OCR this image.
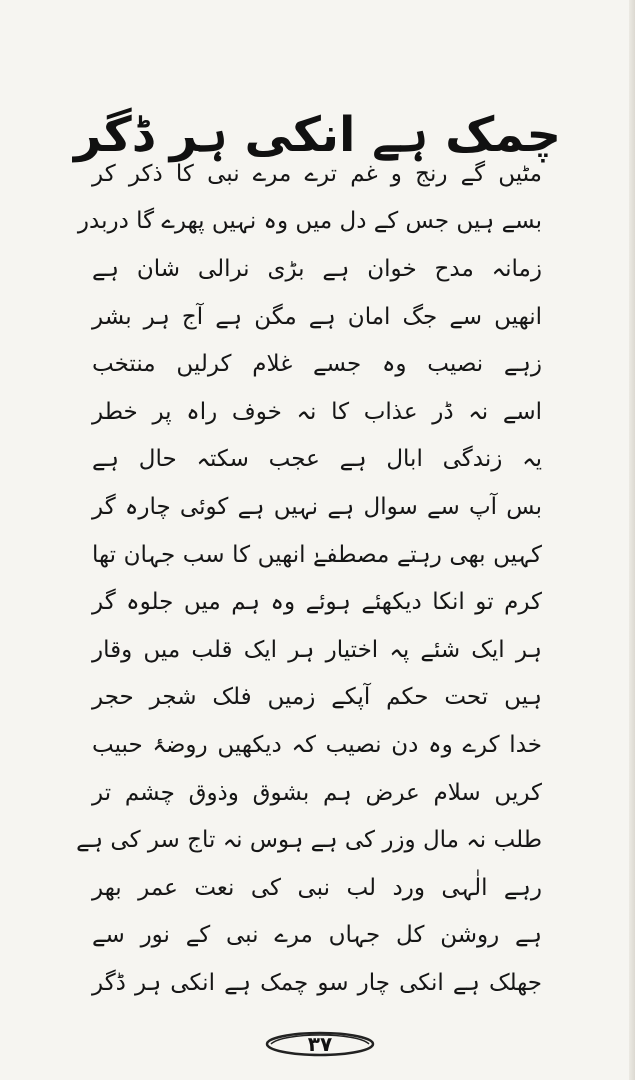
چمک ہے انکی ہر ڈگر
مٹیں گے رنج و غم ترے مرے نبی کا ذکر کر
بسے ہیں جس کے دل میں وہ نہیں پھرے گا دربدر
زمانہ مدح خوان ہے بڑی نرالی شان ہے
انھیں سے جگ امان ہے مگن ہے آج ہر بشر
زہے نصیب وہ جسے غلام کرلیں منتخب
اسے نہ ڈر عذاب کا نہ خوف راہ پر خطر
یہ زندگی ابال ہے عجب سکتہ حال ہے
بس آپ سے سوال ہے نہیں ہے کوئی چارہ گر
کہیں بھی رہتے مصطفےٰ انھیں کا سب جہان تھا
کرم تو انکا دیکھئے ہوئے وہ ہم میں جلوہ گر
ہر ایک شئے پہ اختیار ہر ایک قلب میں وقار
ہیں تحت حکم آپکے زمیں فلک شجر حجر
خدا کرے وہ دن نصیب کہ دیکھیں روضۂ حبیب
کریں سلام عرض ہم بشوق وذوق چشم تر
طلب نہ مال وزر کی ہے ہوس نہ تاج سر کی ہے
رہے الٰہی ورد لب نبی کی نعت عمر بھر
ہے روشن کل جہاں مرے نبی کے نور سے
جھلک ہے انکی چار سو چمک ہے انکی ہر ڈگر
۳۷
